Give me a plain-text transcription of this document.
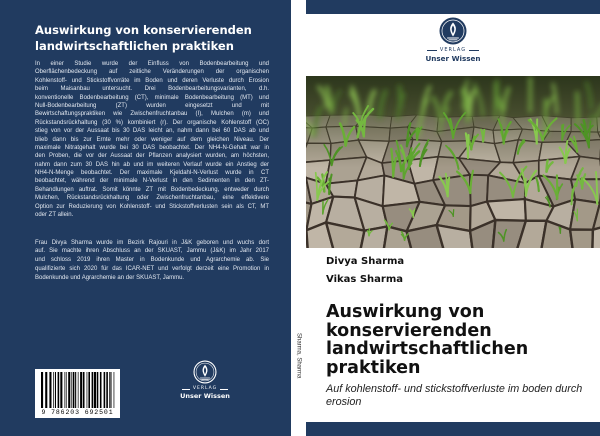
Auswirkung von konservierenden
landwirtschaftlichen praktiken
In einer Studie wurde der Einfluss von Bodenbearbeitung und
Oberflächenbedeckung auf zeitliche Veränderungen der organischen
Kohlenstoff- und Stickstoffvorräte im Boden und deren Verluste durch Erosion
beim Maisanbau untersucht. Drei Bodenbearbeitungsvarianten, d.h.
konventionelle Bodenbearbeitung (CT), minimale Bodenbearbeitung (MT) und
Null-Bodenbearbeitung (ZT) wurden eingesetzt und mit
Bewirtschaftungspraktiken wie Zwischenfruchtanbau (I), Mulchen (m) und
Rückstandsrückhaltung (30 %) kombiniert (r). Der organische Kohlenstoff (OC)
stieg von vor der Aussaat bis 30 DAS leicht an, nahm dann bei 60 DAS ab und
blieb dann bis zur Ernte mehr oder weniger auf dem gleichen Niveau. Der
maximale Nitratgehalt wurde bei 30 DAS beobachtet. Der NH4-N-Gehalt war in
den Proben, die vor der Aussaat der Pflanzen analysiert wurden, am höchsten,
nahm dann zum 30 DAS hin ab und im weiteren Verlauf wurde ein Anstieg der
NH4-N-Menge beobachtet. Der maximale Kjeldahl-N-Verlust wurde in CT
beobachtet, während der minimale N-Verlust in den Sedimenten in den ZT-
Behandlungen auftrat. Somit könnte ZT mit Bodenbedeckung, entweder durch
Mulchen, Rückstandsrückhaltung oder Zwischenfruchtanbau, eine effektivere
Option zur Reduzierung von Kohlenstoff- und Stickstoffverlusten sein als CT, MT
oder ZT allein.
Frau Divya Sharma wurde im Bezirk Rajouri in J&K geboren und wuchs dort
auf. Sie machte ihren Abschluss an der SKUAST, Jammu (J&K) im Jahr 2017
und schloss 2019 ihren Master in Bodenkunde und Agrarchemie ab. Sie
qualifizierte sich 2020 für das ICAR-NET und verfolgt derzeit eine Promotion in
Bodenkunde und Agrarchemie an der SKUAST, Jammu.
9 786203 692501
VERLAG
Unser Wissen
Sharma, Sharma
VERLAG
Unser Wissen
Divya Sharma
Vikas Sharma
Auswirkung von
konservierenden
landwirtschaftlichen
praktiken
Auf kohlenstoff- und stickstoffverluste im boden durch erosion
